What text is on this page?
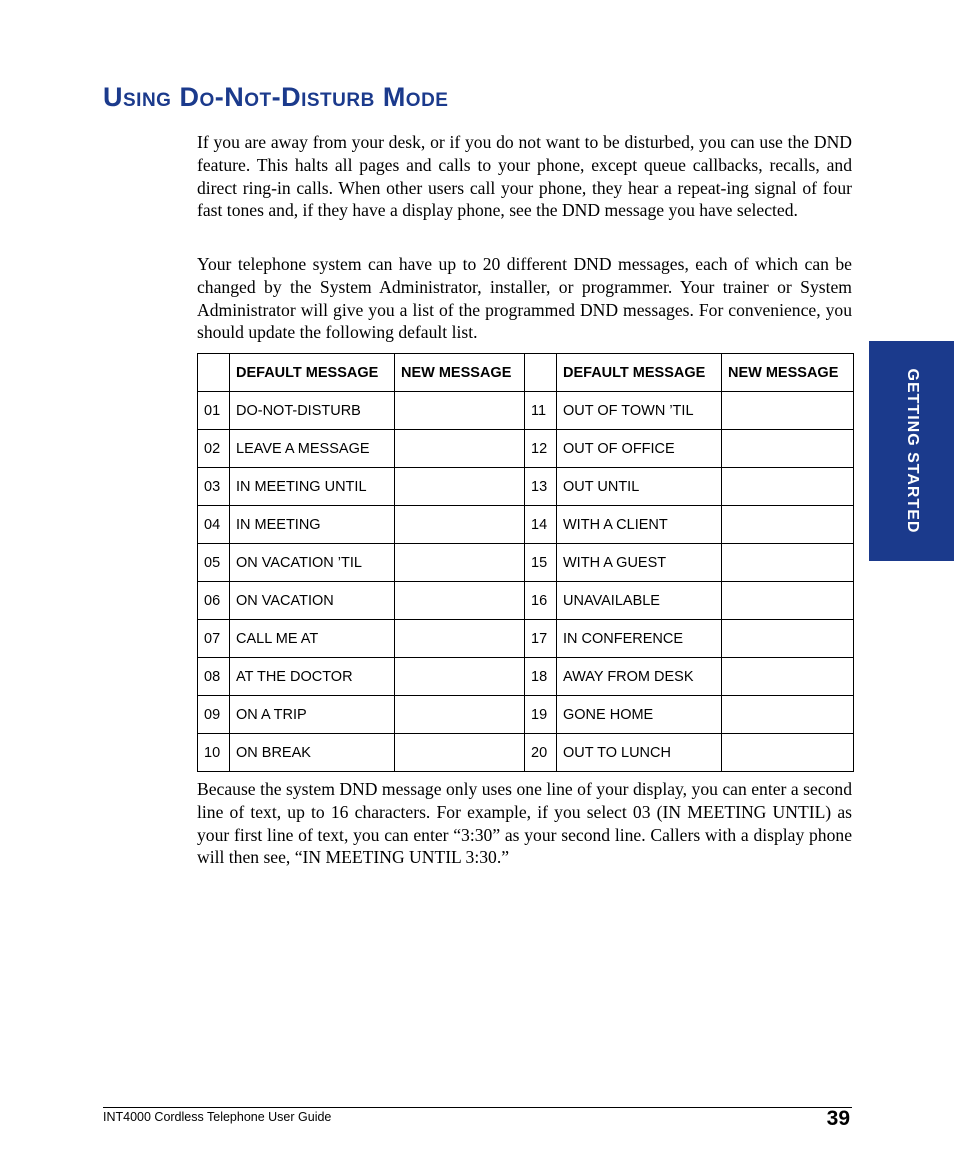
Using Do-Not-Disturb Mode

If you are away from your desk, or if you do not want to be disturbed, you can use the DND feature. This halts all pages and calls to your phone, except queue callbacks, recalls, and direct ring-in calls. When other users call your phone, they hear a repeat-ing signal of four fast tones and, if they have a display phone, see the DND message you have selected.

Your telephone system can have up to 20 different DND messages, each of which can be changed by the System Administrator, installer, or programmer. Your trainer or System Administrator will give you a list of the programmed DND messages. For convenience, you should update the following default list.

	DEFAULT MESSAGE	NEW MESSAGE		DEFAULT MESSAGE	NEW MESSAGE
01	DO-NOT-DISTURB		11	OUT OF TOWN ’TIL	
02	LEAVE A MESSAGE		12	OUT OF OFFICE	
03	IN MEETING UNTIL		13	OUT UNTIL	
04	IN MEETING		14	WITH A CLIENT	
05	ON VACATION ’TIL		15	WITH A GUEST	
06	ON VACATION		16	UNAVAILABLE	
07	CALL ME AT		17	IN CONFERENCE	
08	AT THE DOCTOR		18	AWAY FROM DESK	
09	ON A TRIP		19	GONE HOME	
10	ON BREAK		20	OUT TO LUNCH	

Because the system DND message only uses one line of your display, you can enter a second line of text, up to 16 characters. For example, if you select 03 (IN MEETING UNTIL) as your first line of text, you can enter “3:30” as your second line. Callers with a display phone will then see, “IN MEETING UNTIL 3:30.”

GETTING STARTED
INT4000 Cordless Telephone User Guide	39
